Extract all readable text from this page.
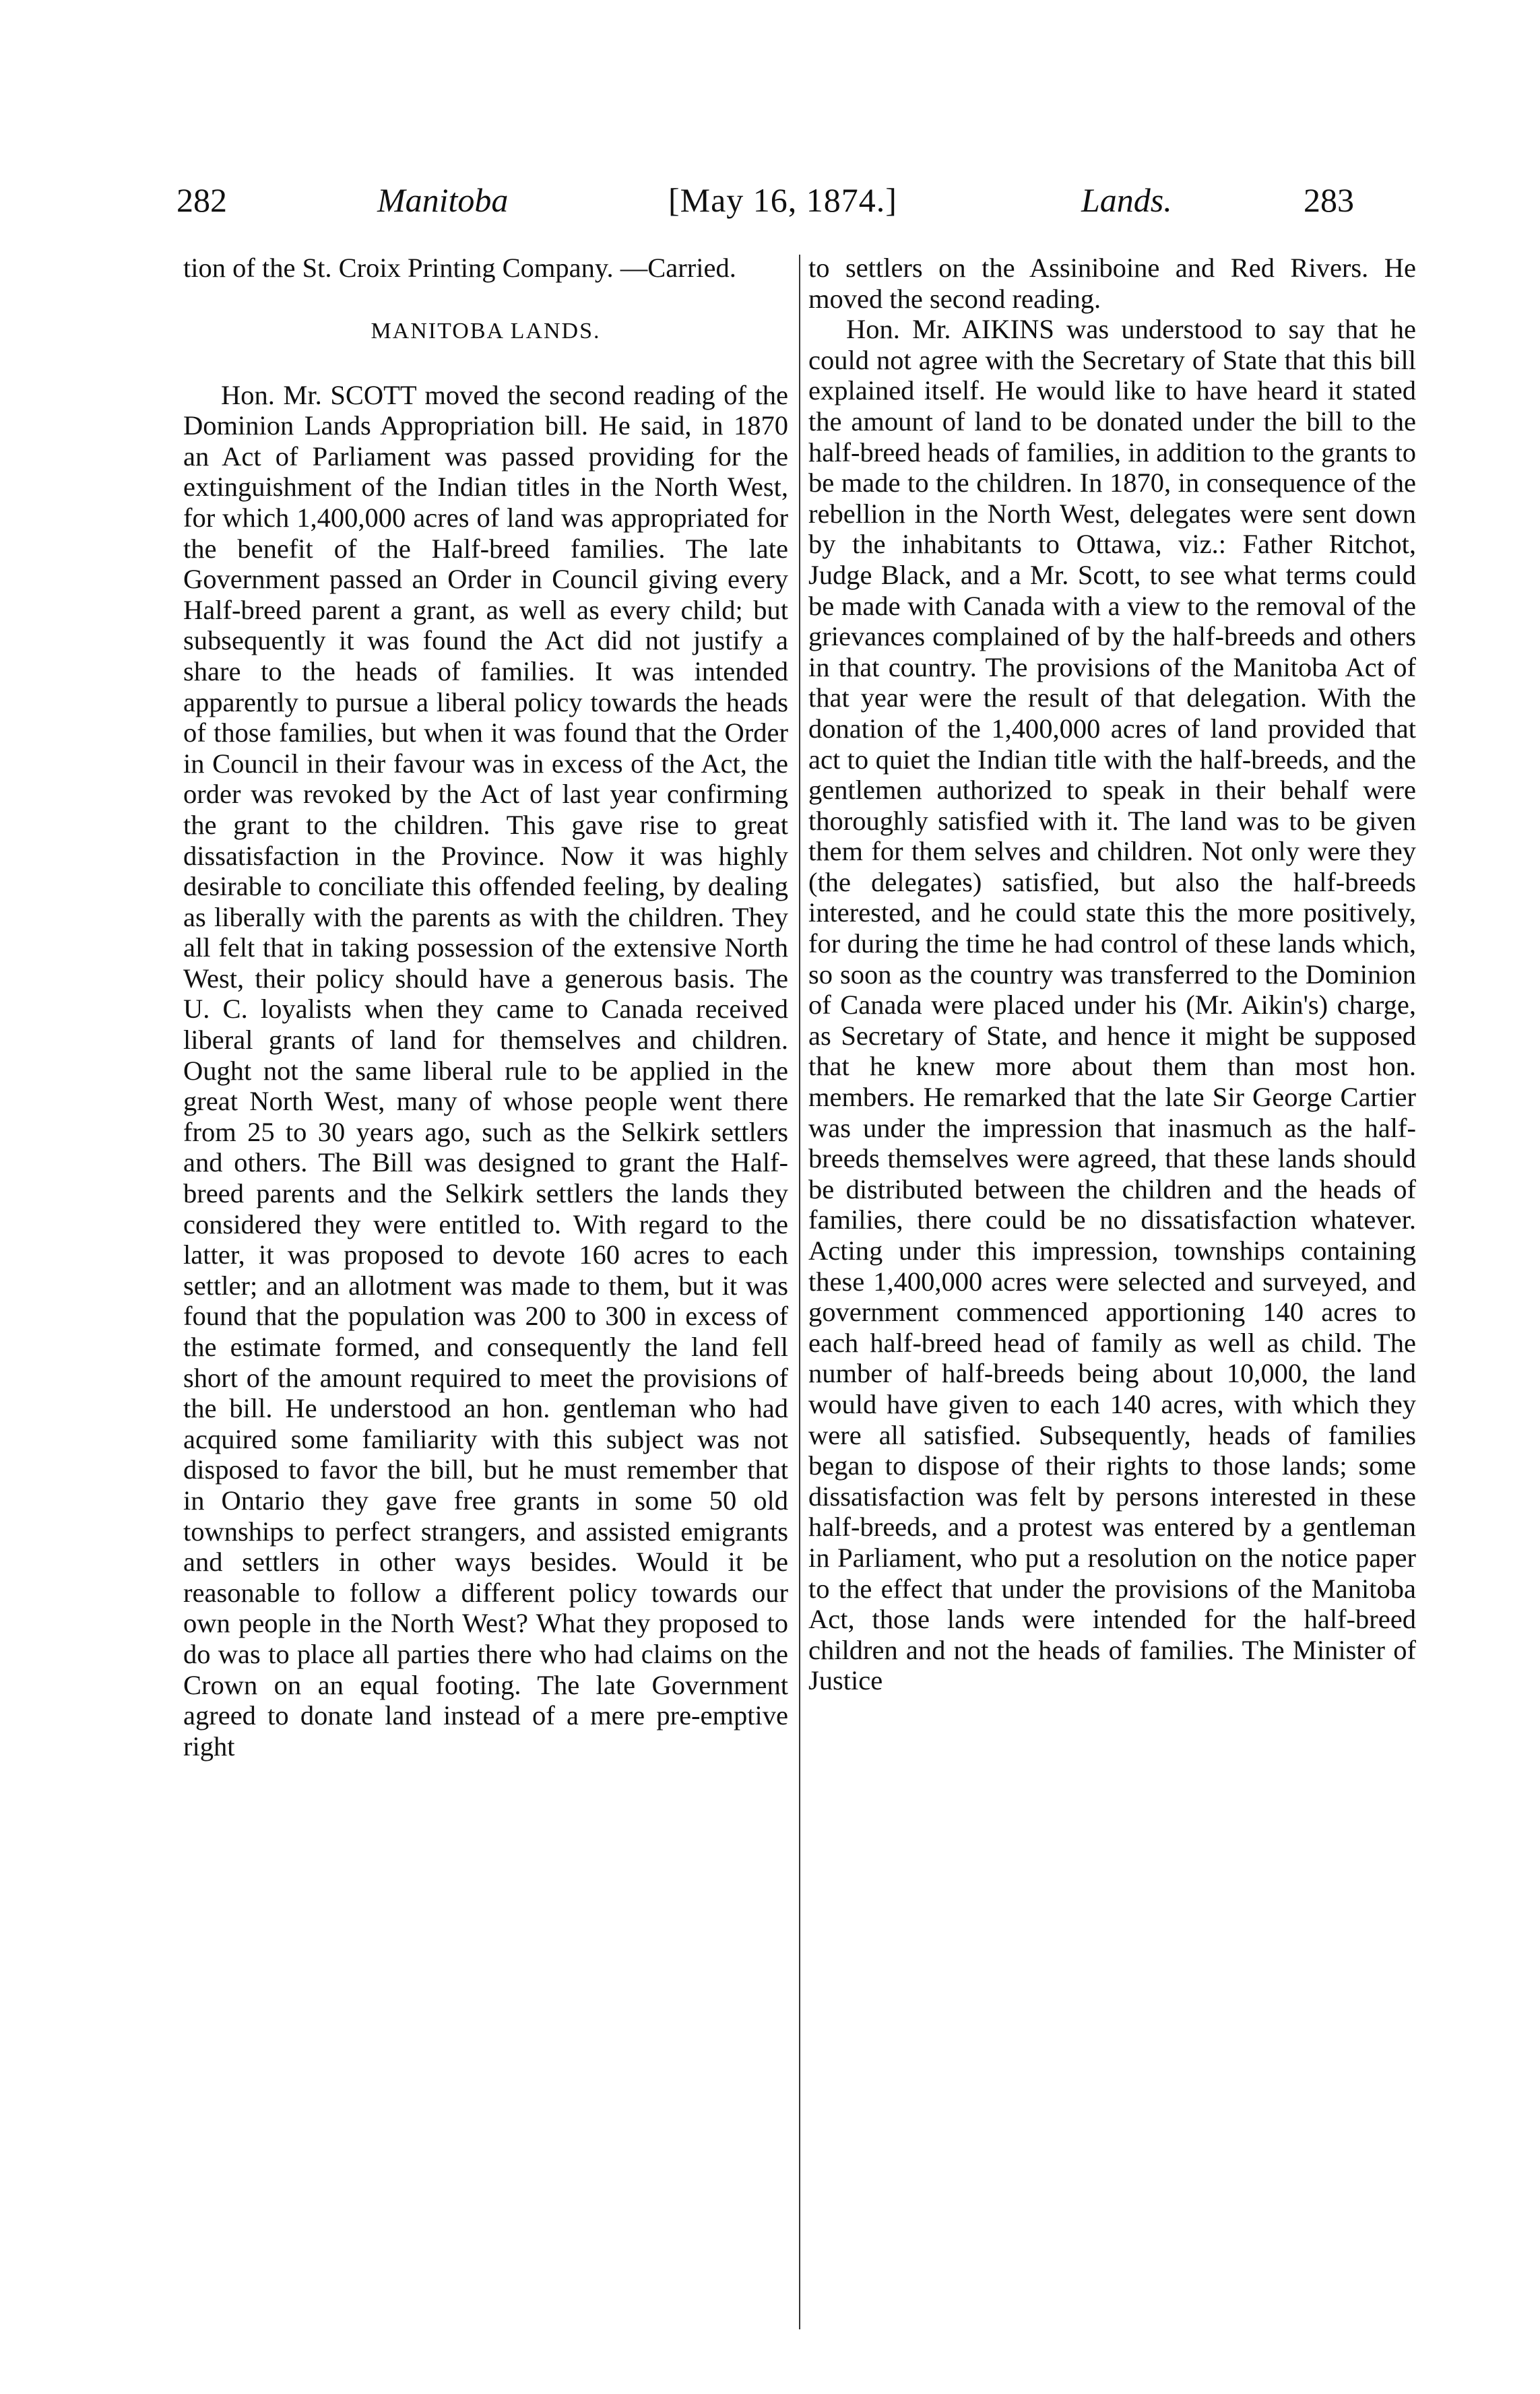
282	Manitoba	[May 16, 1874.]	Lands.	283

tion of the St. Croix Printing Company. —Carried.

MANITOBA LANDS.

Hon. Mr. SCOTT moved the second reading of the Dominion Lands Appropriation bill. He said, in 1870 an Act of Parliament was passed providing for the extinguishment of the Indian titles in the North West, for which 1,400,000 acres of land was appropriated for the benefit of the Half-breed families. The late Government passed an Order in Council giving every Half-breed parent a grant, as well as every child; but subsequently it was found the Act did not justify a share to the heads of families. It was intended apparently to pursue a liberal policy towards the heads of those families, but when it was found that the Order in Council in their favour was in excess of the Act, the order was revoked by the Act of last year confirming the grant to the children. This gave rise to great dissatisfaction in the Province. Now it was highly desirable to conciliate this offended feeling, by dealing as liberally with the parents as with the children. They all felt that in taking possession of the extensive North West, their policy should have a generous basis. The U. C. loyalists when they came to Canada received liberal grants of land for themselves and children. Ought not the same liberal rule to be applied in the great North West, many of whose people went there from 25 to 30 years ago, such as the Selkirk settlers and others. The Bill was designed to grant the Half-breed parents and the Selkirk settlers the lands they considered they were entitled to. With regard to the latter, it was proposed to devote 160 acres to each settler; and an allotment was made to them, but it was found that the population was 200 to 300 in excess of the estimate formed, and consequently the land fell short of the amount required to meet the provisions of the bill. He understood an hon. gentleman who had acquired some familiarity with this subject was not disposed to favor the bill, but he must remember that in Ontario they gave free grants in some 50 old townships to perfect strangers, and assisted emigrants and settlers in other ways besides. Would it be reasonable to follow a different policy towards our own people in the North West? What they proposed to do was to place all parties there who had claims on the Crown on an equal footing. The late Government agreed to donate land instead of a mere pre-emptive right

to settlers on the Assiniboine and Red Rivers. He moved the second reading.

Hon. Mr. AIKINS was understood to say that he could not agree with the Secretary of State that this bill explained itself. He would like to have heard it stated the amount of land to be donated under the bill to the half-breed heads of families, in addition to the grants to be made to the children. In 1870, in consequence of the rebellion in the North West, delegates were sent down by the inhabitants to Ottawa, viz.: Father Ritchot, Judge Black, and a Mr. Scott, to see what terms could be made with Canada with a view to the removal of the grievances complained of by the half-breeds and others in that country. The provisions of the Manitoba Act of that year were the result of that delegation. With the donation of the 1,400,000 acres of land provided that act to quiet the Indian title with the half-breeds, and the gentlemen authorized to speak in their behalf were thoroughly satisfied with it. The land was to be given them for them selves and children. Not only were they (the delegates) satisfied, but also the half-breeds interested, and he could state this the more positively, for during the time he had control of these lands which, so soon as the country was transferred to the Dominion of Canada were placed under his (Mr. Aikin's) charge, as Secretary of State, and hence it might be supposed that he knew more about them than most hon. members. He remarked that the late Sir George Cartier was under the impression that inasmuch as the half-breeds themselves were agreed, that these lands should be distributed between the children and the heads of families, there could be no dissatisfaction whatever. Acting under this impression, townships containing these 1,400,000 acres were selected and surveyed, and government commenced apportioning 140 acres to each half-breed head of family as well as child. The number of half-breeds being about 10,000, the land would have given to each 140 acres, with which they were all satisfied. Subsequently, heads of families began to dispose of their rights to those lands; some dissatisfaction was felt by persons interested in these half-breeds, and a protest was entered by a gentleman in Parliament, who put a resolution on the notice paper to the effect that under the provisions of the Manitoba Act, those lands were intended for the half-breed children and not the heads of families. The Minister of Justice
